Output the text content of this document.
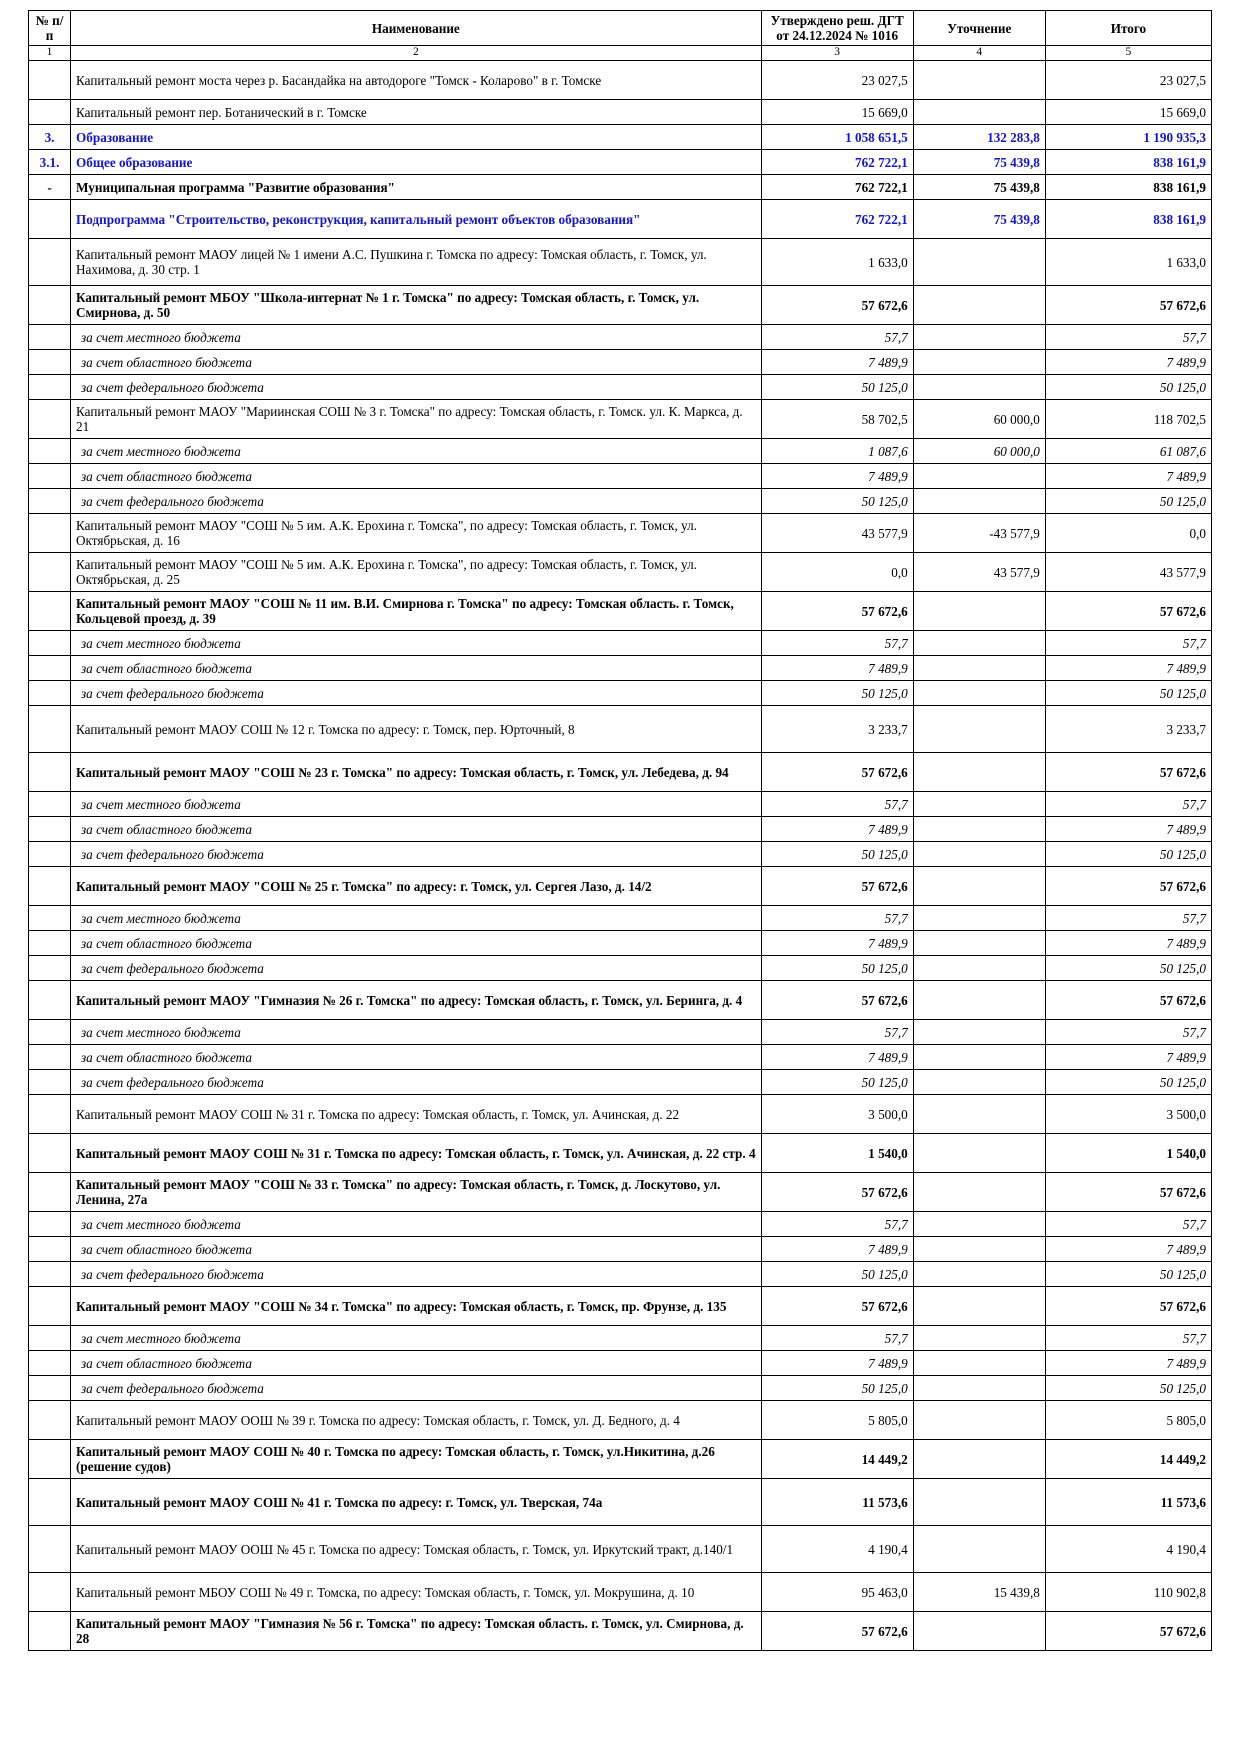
№ п/п	Наименование	Утверждено реш. ДГТ от 24.12.2024 № 1016	Уточнение	Итого
1	2	3	4	5
	Капитальный ремонт моста через р. Басандайка на автодороге "Томск - Коларово" в г. Томске	23 027,5		23 027,5
	Капитальный ремонт пер. Ботанический в г. Томске	15 669,0		15 669,0
3.	Образование	1 058 651,5	132 283,8	1 190 935,3
3.1.	Общее образование	762 722,1	75 439,8	838 161,9
-	Муниципальная программа "Развитие образования"	762 722,1	75 439,8	838 161,9
	Подпрограмма "Строительство, реконструкция, капитальный ремонт объектов образования"	762 722,1	75 439,8	838 161,9
	Капитальный ремонт МАОУ лицей № 1 имени А.С. Пушкина г. Томска по адресу: Томская область, г. Томск, ул. Нахимова, д. 30 стр. 1	1 633,0		1 633,0
	Капитальный ремонт МБОУ "Школа-интернат № 1 г. Томска" по адресу: Томская область, г. Томск, ул. Смирнова, д. 50	57 672,6		57 672,6
	за счет местного бюджета	57,7		57,7
	за счет областного бюджета	7 489,9		7 489,9
	за счет федерального бюджета	50 125,0		50 125,0
	Капитальный ремонт МАОУ "Мариинская СОШ № 3 г. Томска" по адресу: Томская область, г. Томск. ул. К. Маркса, д. 21	58 702,5	60 000,0	118 702,5
	за счет местного бюджета	1 087,6	60 000,0	61 087,6
	за счет областного бюджета	7 489,9		7 489,9
	за счет федерального бюджета	50 125,0		50 125,0
	Капитальный ремонт МАОУ "СОШ № 5 им. А.К. Ерохина г. Томска", по адресу: Томская область, г. Томск, ул. Октябрьская, д. 16	43 577,9	-43 577,9	0,0
	Капитальный ремонт МАОУ "СОШ № 5 им. А.К. Ерохина г. Томска", по адресу: Томская область, г. Томск, ул. Октябрьская, д. 25	0,0	43 577,9	43 577,9
	Капитальный ремонт МАОУ "СОШ № 11 им. В.И. Смирнова г. Томска" по адресу: Томская область. г. Томск, Кольцевой проезд, д. 39	57 672,6		57 672,6
	за счет местного бюджета	57,7		57,7
	за счет областного бюджета	7 489,9		7 489,9
	за счет федерального бюджета	50 125,0		50 125,0
	Капитальный ремонт МАОУ СОШ № 12 г. Томска по адресу: г. Томск, пер. Юрточный, 8	3 233,7		3 233,7
	Капитальный ремонт МАОУ "СОШ № 23 г. Томска" по адресу: Томская область, г. Томск, ул. Лебедева, д. 94	57 672,6		57 672,6
	за счет местного бюджета	57,7		57,7
	за счет областного бюджета	7 489,9		7 489,9
	за счет федерального бюджета	50 125,0		50 125,0
	Капитальный ремонт МАОУ "СОШ № 25 г. Томска" по адресу: г. Томск, ул. Сергея Лазо, д. 14/2	57 672,6		57 672,6
	за счет местного бюджета	57,7		57,7
	за счет областного бюджета	7 489,9		7 489,9
	за счет федерального бюджета	50 125,0		50 125,0
	Капитальный ремонт МАОУ "Гимназия № 26 г. Томска" по адресу: Томская область, г. Томск, ул. Беринга, д. 4	57 672,6		57 672,6
	за счет местного бюджета	57,7		57,7
	за счет областного бюджета	7 489,9		7 489,9
	за счет федерального бюджета	50 125,0		50 125,0
	Капитальный ремонт МАОУ СОШ № 31 г. Томска по адресу: Томская область, г. Томск, ул. Ачинская, д. 22	3 500,0		3 500,0
	Капитальный ремонт МАОУ СОШ № 31 г. Томска по адресу: Томская область, г. Томск, ул. Ачинская, д. 22 стр. 4	1 540,0		1 540,0
	Капитальный ремонт МАОУ "СОШ № 33 г. Томска" по адресу: Томская область, г. Томск, д. Лоскутово, ул. Ленина, 27а	57 672,6		57 672,6
	за счет местного бюджета	57,7		57,7
	за счет областного бюджета	7 489,9		7 489,9
	за счет федерального бюджета	50 125,0		50 125,0
	Капитальный ремонт МАОУ "СОШ № 34 г. Томска" по адресу: Томская область, г. Томск, пр. Фрунзе, д. 135	57 672,6		57 672,6
	за счет местного бюджета	57,7		57,7
	за счет областного бюджета	7 489,9		7 489,9
	за счет федерального бюджета	50 125,0		50 125,0
	Капитальный ремонт МАОУ ООШ № 39 г. Томска по адресу: Томская область, г. Томск, ул. Д. Бедного, д. 4	5 805,0		5 805,0
	Капитальный ремонт МАОУ СОШ № 40 г. Томска по адресу: Томская область, г. Томск, ул.Никитина, д.26 (решение судов)	14 449,2		14 449,2
	Капитальный ремонт МАОУ СОШ № 41 г. Томска по адресу: г. Томск, ул. Тверская, 74а	11 573,6		11 573,6
	Капитальный ремонт МАОУ ООШ № 45 г. Томска по адресу: Томская область, г. Томск, ул. Иркутский тракт, д.140/1	4 190,4		4 190,4
	Капитальный ремонт МБОУ СОШ № 49 г. Томска, по адресу: Томская область, г. Томск, ул. Мокрушина, д. 10	95 463,0	15 439,8	110 902,8
	Капитальный ремонт МАОУ "Гимназия № 56 г. Томска" по адресу: Томская область. г. Томск, ул. Смирнова, д. 28	57 672,6		57 672,6
